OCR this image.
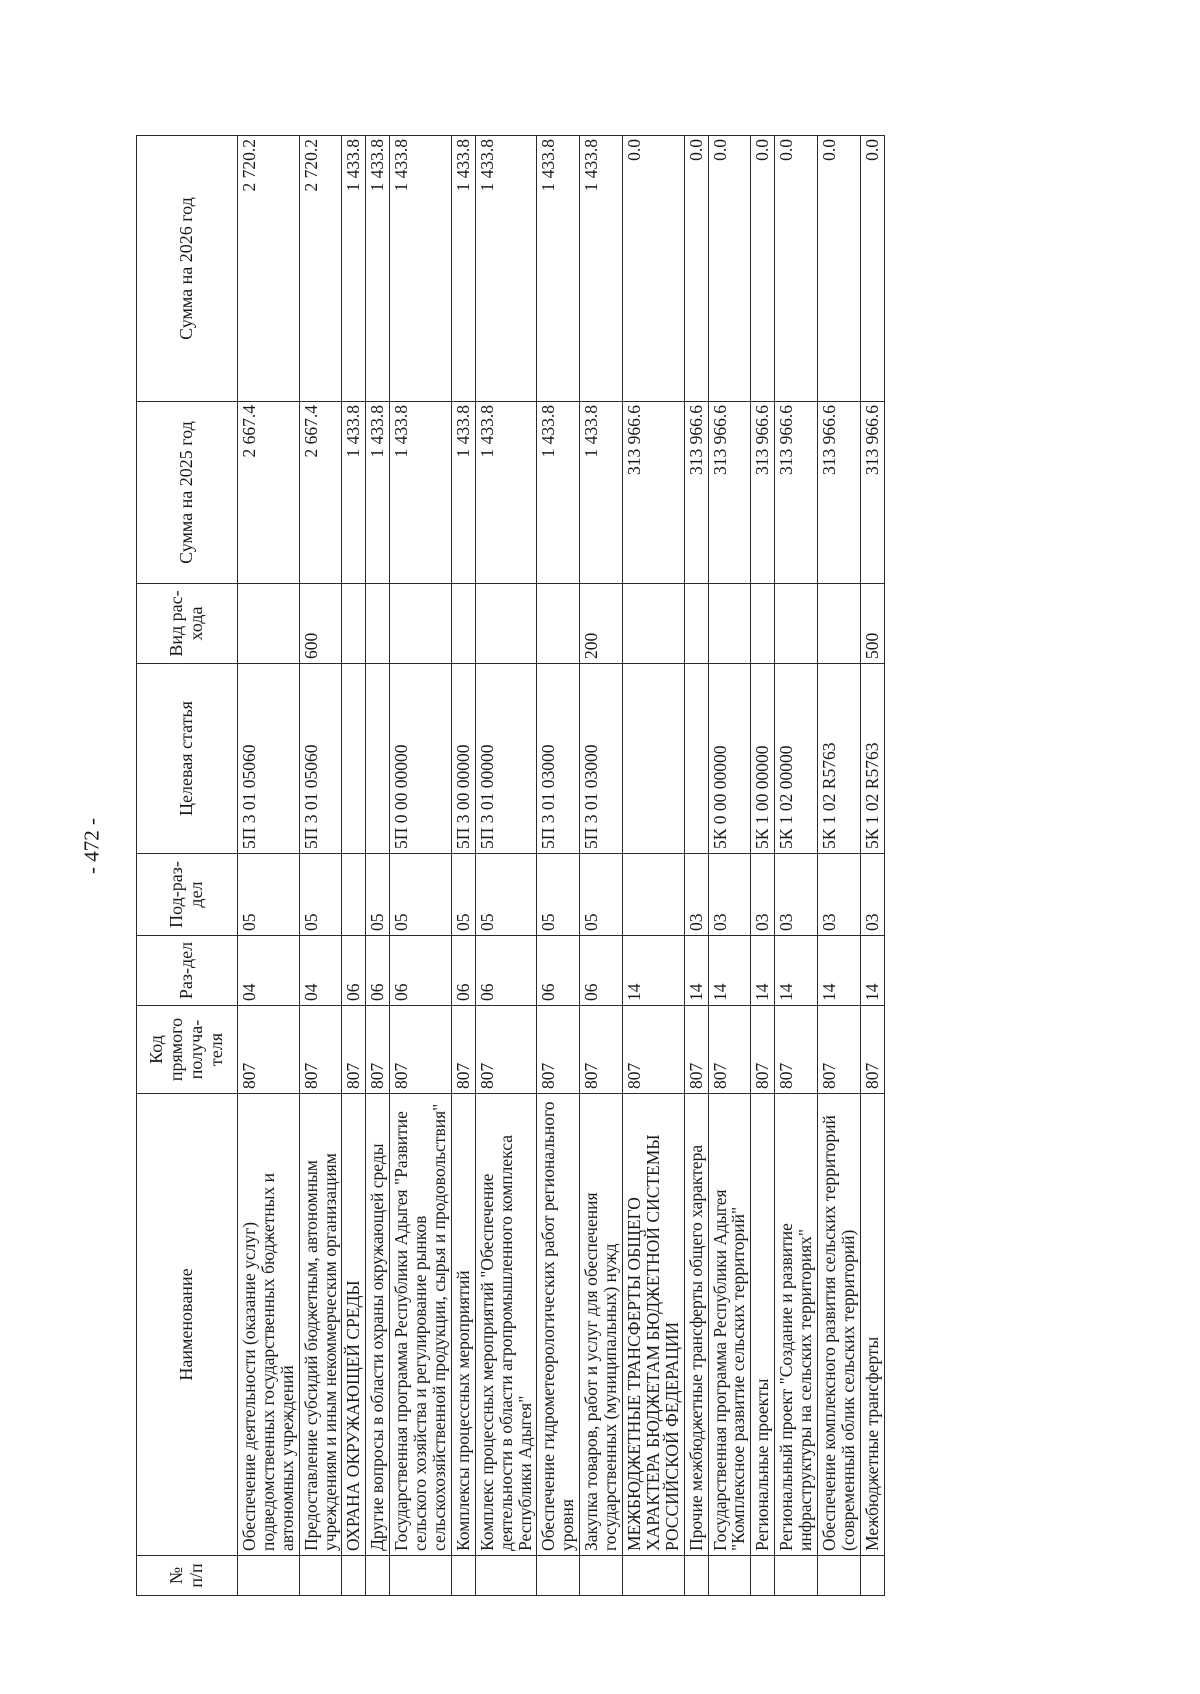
- 472 -
№ п/п	Наименование	Код прямого получа-теля	Раз-дел	Под-раз-дел	Целевая статья	Вид рас-хода	Сумма на 2025 год	Сумма на 2026 год
	Обеспечение деятельности (оказание услуг) подведомственных государственных бюджетных и автономных учреждений	807	04	05	5П 3 01 05060		2 667.4	2 720.2
	Предоставление субсидий бюджетным, автономным учреждениям и иным некоммерческим организациям	807	04	05	5П 3 01 05060	600	2 667.4	2 720.2
	ОХРАНА ОКРУЖАЮЩЕЙ СРЕДЫ	807	06				1 433.8	1 433.8
	Другие вопросы в области охраны окружающей среды	807	06	05			1 433.8	1 433.8
	Государственная программа Республики Адыгея "Развитие сельского хозяйства и регулирование рынков сельскохозяйственной продукции, сырья и продовольствия"	807	06	05	5П 0 00 00000		1 433.8	1 433.8
	Комплексы процессных мероприятий	807	06	05	5П 3 00 00000		1 433.8	1 433.8
	Комплекс процессных мероприятий "Обеспечение деятельности в области агропромышленного комплекса Республики Адыгея"	807	06	05	5П 3 01 00000		1 433.8	1 433.8
	Обеспечение гидрометеорологических работ регионального уровня	807	06	05	5П 3 01 03000		1 433.8	1 433.8
	Закупка товаров, работ и услуг для обеспечения государственных (муниципальных) нужд	807	06	05	5П 3 01 03000	200	1 433.8	1 433.8
	МЕЖБЮДЖЕТНЫЕ ТРАНСФЕРТЫ ОБЩЕГО ХАРАКТЕРА БЮДЖЕТАМ БЮДЖЕТНОЙ СИСТЕМЫ РОССИЙСКОЙ ФЕДЕРАЦИИ	807	14				313 966.6	0.0
	Прочие межбюджетные трансферты общего характера	807	14	03			313 966.6	0.0
	Государственная программа Республики Адыгея "Комплексное развитие сельских территорий"	807	14	03	5К 0 00 00000		313 966.6	0.0
	Региональные проекты	807	14	03	5К 1 00 00000		313 966.6	0.0
	Региональный проект "Создание и развитие инфраструктуры на сельских территориях"	807	14	03	5К 1 02 00000		313 966.6	0.0
	Обеспечение комплексного развития сельских территорий (современный облик сельских территорий)	807	14	03	5К 1 02 R5763		313 966.6	0.0
	Межбюджетные трансферты	807	14	03	5К 1 02 R5763	500	313 966.6	0.0
